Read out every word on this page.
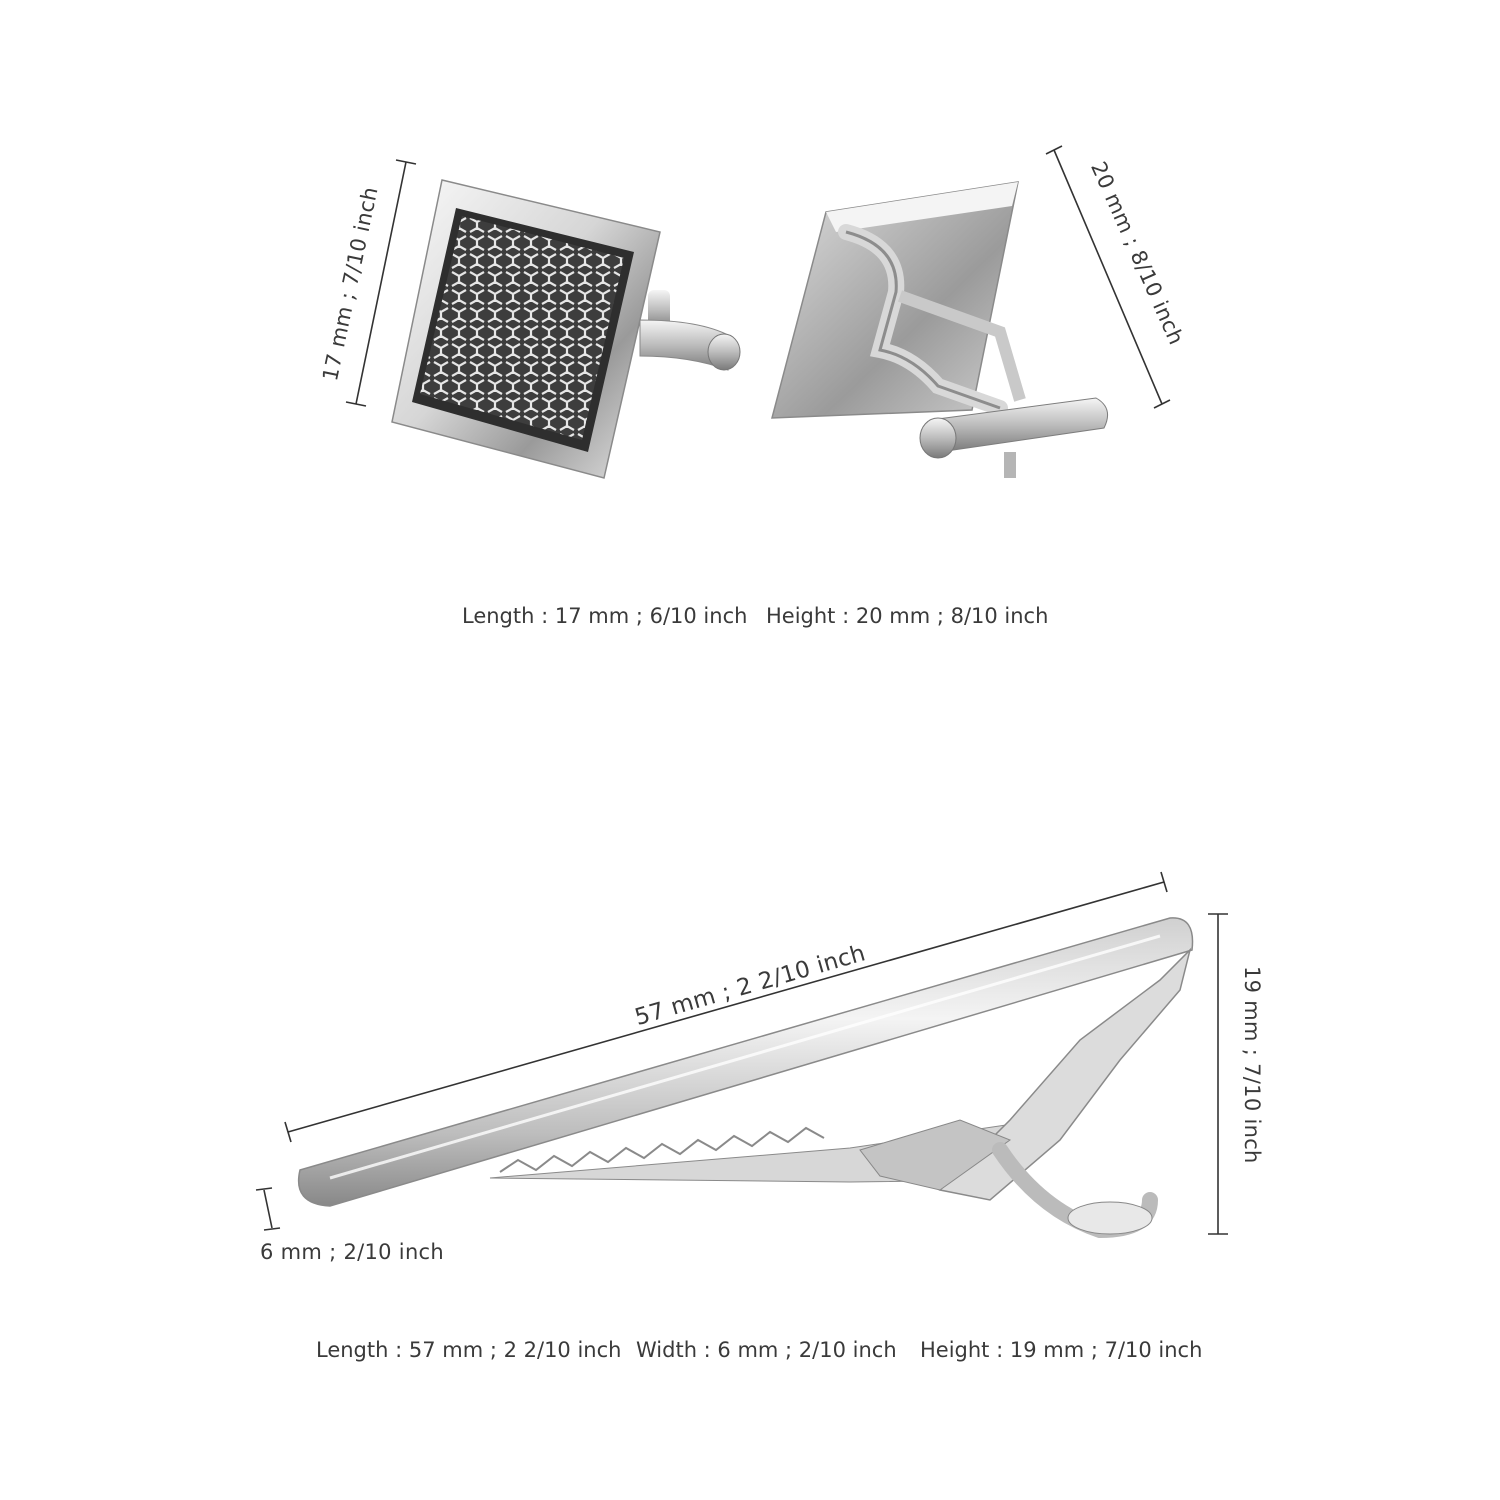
17 mm ; 7/10 inch	20 mm ; 8/10 inch
57 mm ; 2 2/10 inch	19 mm ; 7/10 inch
6 mm ; 2/10 inch
Length : 17 mm ; 6/10 inch Height : 20 mm ; 8/10 inch
Length : 57 mm ; 2 2/10 inch Width : 6 mm ; 2/10 inch Height : 19 mm ; 7/10 inch
